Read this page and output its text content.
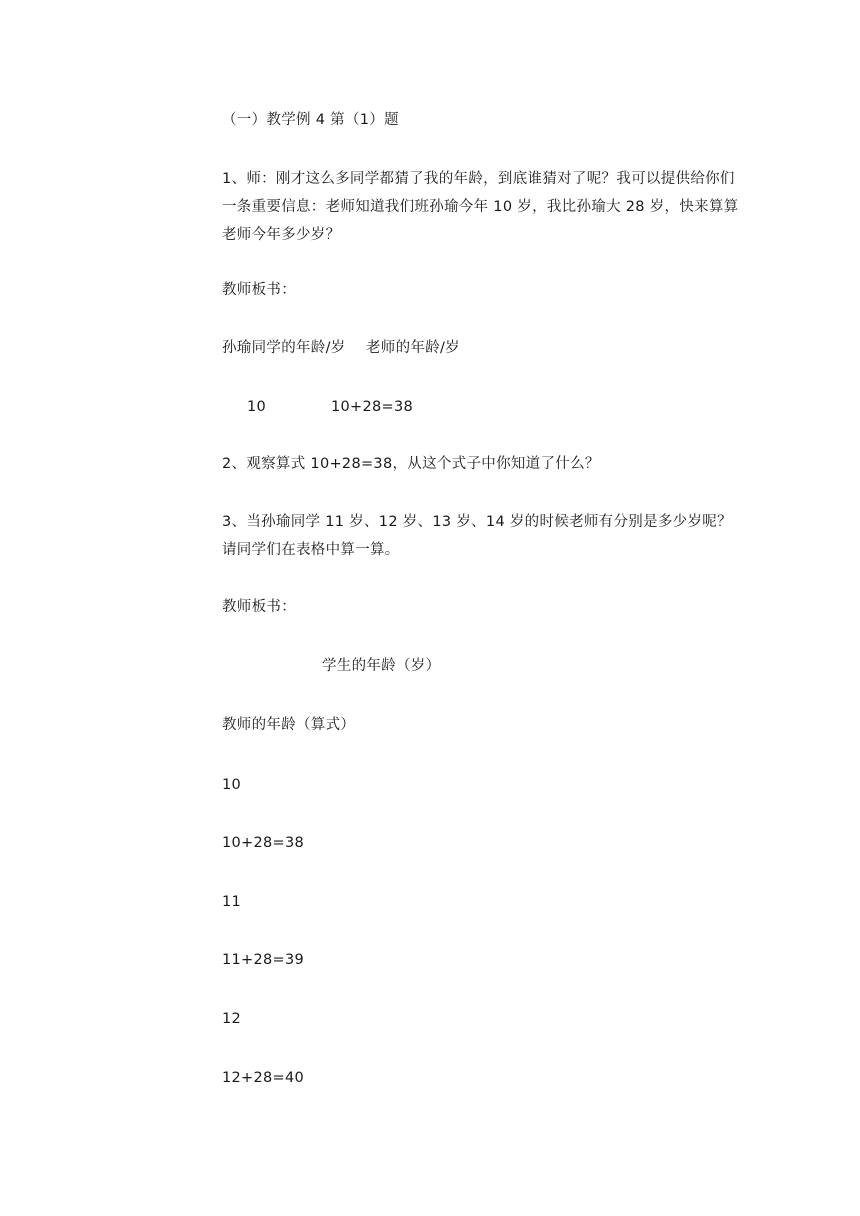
（一）教学例 4 第（1）题
1、师：刚才这么多同学都猜了我的年龄，到底谁猜对了呢？我可以提供给你们一条重要信息：老师知道我们班孙瑜今年 10 岁，我比孙瑜大 28 岁，快来算算老师今年多少岁？
教师板书：
孙瑜同学的年龄/岁 老师的年龄/岁
10	10+28=38
2、观察算式 10+28=38，从这个式子中你知道了什么？
3、当孙瑜同学 11 岁、12 岁、13 岁、14 岁的时候老师有分别是多少岁呢？请同学们在表格中算一算。
教师板书：
学生的年龄（岁）
教师的年龄（算式）
10
10+28=38
11
11+28=39
12
12+28=40
